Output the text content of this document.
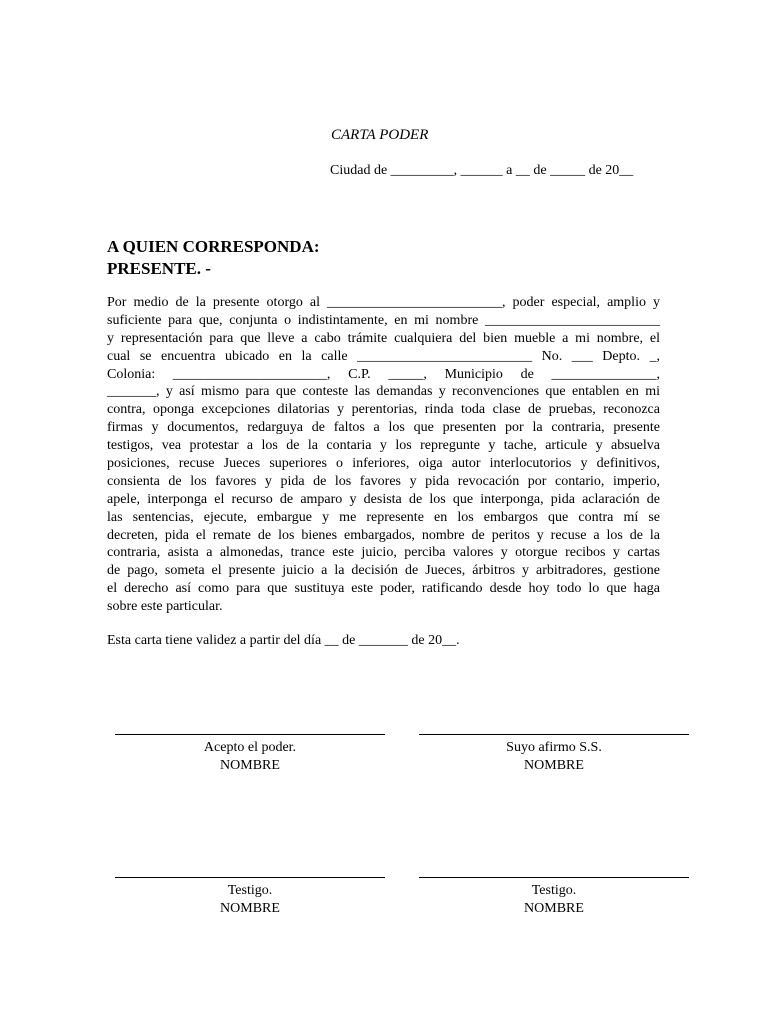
CARTA PODER
Ciudad de _________, ______ a __ de _____ de 20__
A QUIEN CORRESPONDA:
PRESENTE. -
Por medio de la presente otorgo al _________________________, poder especial, amplio y
suficiente para que, conjunta o indistintamente, en mi nombre _________________________
y representación para que lleve a cabo trámite cualquiera del bien mueble a mi nombre, el
cual se encuentra ubicado en la calle _________________________ No. ___ Depto. _,
Colonia: ______________________, C.P. _____, Municipio de _______________,
_______, y así mismo para que conteste las demandas y reconvenciones que entablen en mi
contra, oponga excepciones dilatorias y perentorias, rinda toda clase de pruebas, reconozca
firmas y documentos, redarguya de faltos a los que presenten por la contraria, presente
testigos, vea protestar a los de la contaria y los repregunte y tache, articule y absuelva
posiciones, recuse Jueces superiores o inferiores, oiga autor interlocutorios y definitivos,
consienta de los favores y pida de los favores y pida revocación por contario, imperio,
apele, interponga el recurso de amparo y desista de los que interponga, pida aclaración de
las sentencias, ejecute, embargue y me represente en los embargos que contra mí se
decreten, pida el remate de los bienes embargados, nombre de peritos y recuse a los de la
contraria, asista a almonedas, trance este juicio, perciba valores y otorgue recibos y cartas
de pago, someta el presente juicio a la decisión de Jueces, árbitros y arbitradores, gestione
el derecho así como para que sustituya este poder, ratificando desde hoy todo lo que haga
sobre este particular.
Esta carta tiene validez a partir del día __ de _______ de 20__.
Acepto el poder.
NOMBRE
Suyo afirmo S.S.
NOMBRE
Testigo.
NOMBRE
Testigo.
NOMBRE
